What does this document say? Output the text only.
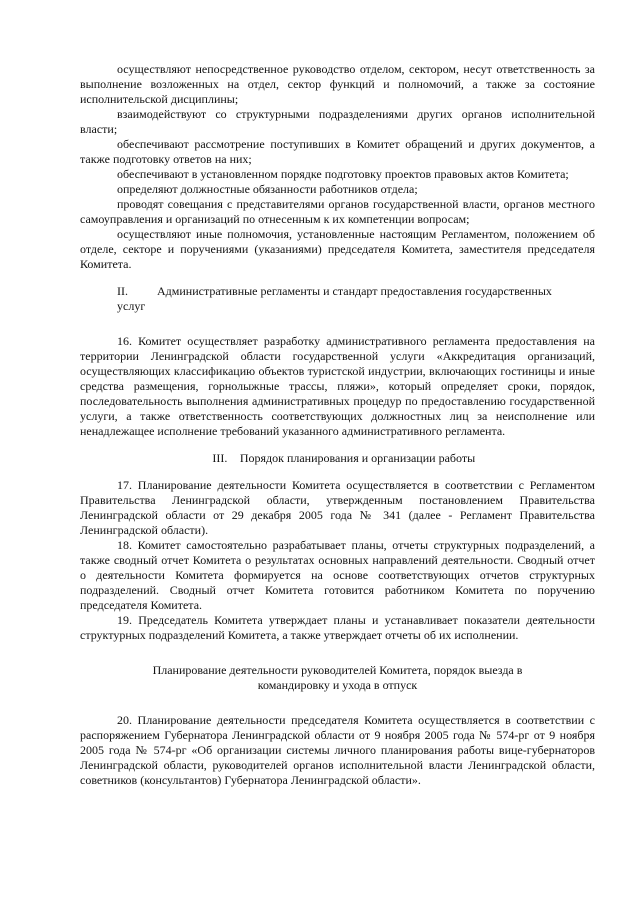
осуществляют непосредственное руководство отделом, сектором, несут ответственность за выполнение возложенных на отдел, сектор функций и полномочий, а также за состояние исполнительской дисциплины;

взаимодействуют со структурными подразделениями других органов исполнительной власти;

обеспечивают рассмотрение поступивших в Комитет обращений и других документов, а также подготовку ответов на них;

обеспечивают в установленном порядке подготовку проектов правовых актов Комитета;

определяют должностные обязанности работников отдела;

проводят совещания с представителями органов государственной власти, органов местного самоуправления и организаций по отнесенным к их компетенции вопросам;

осуществляют иные полномочия, установленные настоящим Регламентом, положением об отделе, секторе и поручениями (указаниями) председателя Комитета, заместителя председателя Комитета.

II. Административные регламенты и стандарт предоставления государственных услуг

16. Комитет осуществляет разработку административного регламента предоставления на территории Ленинградской области государственной услуги «Аккредитация организаций, осуществляющих классификацию объектов туристской индустрии, включающих гостиницы и иные средства размещения, горнолыжные трассы, пляжи», который определяет сроки, порядок, последовательность выполнения административных процедур по предоставлению государственной услуги, а также ответственность соответствующих должностных лиц за неисполнение или ненадлежащее исполнение требований указанного административного регламента.

III. Порядок планирования и организации работы

17. Планирование деятельности Комитета осуществляется в соответствии с Регламентом Правительства Ленинградской области, утвержденным постановлением Правительства Ленинградской области от 29 декабря 2005 года № 341 (далее - Регламент Правительства Ленинградской области).

18. Комитет самостоятельно разрабатывает планы, отчеты структурных подразделений, а также сводный отчет Комитета о результатах основных направлений деятельности. Сводный отчет о деятельности Комитета формируется на основе соответствующих отчетов структурных подразделений. Сводный отчет Комитета готовится работником Комитета по поручению председателя Комитета.

19. Председатель Комитета утверждает планы и устанавливает показатели деятельности структурных подразделений Комитета, а также утверждает отчеты об их исполнении.

Планирование деятельности руководителей Комитета, порядок выезда в командировку и ухода в отпуск

20. Планирование деятельности председателя Комитета осуществляется в соответствии с распоряжением Губернатора Ленинградской области от 9 ноября 2005 года № 574-рг от 9 ноября 2005 года № 574-рг «Об организации системы личного планирования работы вице-губернаторов Ленинградской области, руководителей органов исполнительной власти Ленинградской области, советников (консультантов) Губернатора Ленинградской области».
